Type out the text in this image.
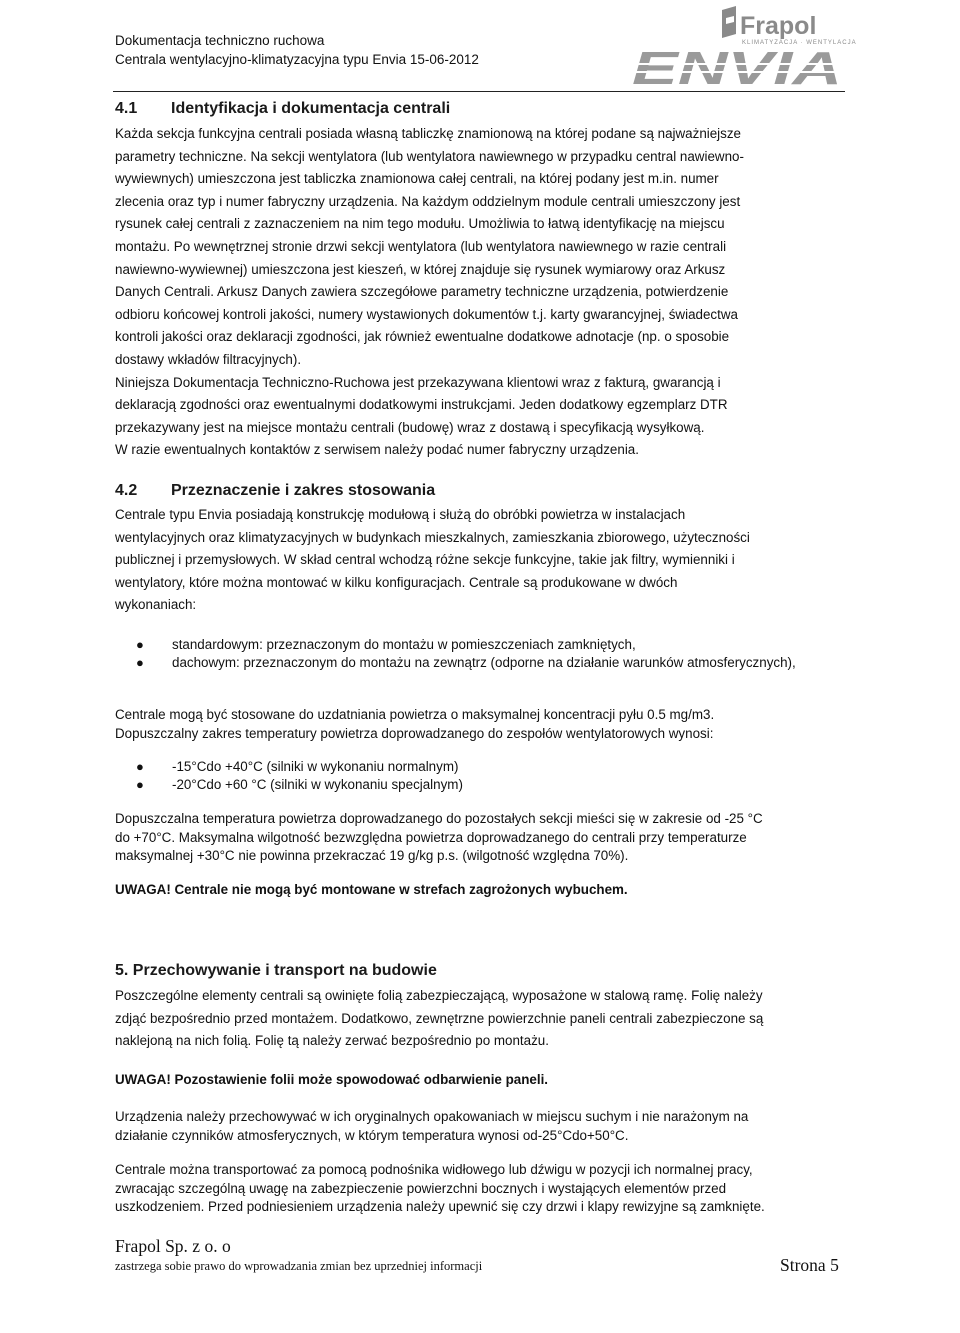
Dokumentacja techniczno ruchowa
Centrala wentylacyjno-klimatyzacyjna typu Envia 15-06-2012
Frapol
KLIMATYZACJA · WENTYLACJA
ENVIA
4.1 Identyfikacja i dokumentacja centrali
Każda sekcja funkcyjna centrali posiada własną tabliczkę znamionową na której podane są najważniejsze
parametry techniczne. Na sekcji wentylatora (lub wentylatora nawiewnego w przypadku central nawiewno-
wywiewnych) umieszczona jest tabliczka znamionowa całej centrali, na której podany jest m.in. numer
zlecenia oraz typ i numer fabryczny urządzenia. Na każdym oddzielnym module centrali umieszczony jest
rysunek całej centrali z zaznaczeniem na nim tego modułu. Umożliwia to łatwą identyfikację na miejscu
montażu. Po wewnętrznej stronie drzwi sekcji wentylatora (lub wentylatora nawiewnego w razie centrali
nawiewno-wywiewnej) umieszczona jest kieszeń, w której znajduje się rysunek wymiarowy oraz Arkusz
Danych Centrali. Arkusz Danych zawiera szczegółowe parametry techniczne urządzenia, potwierdzenie
odbioru końcowej kontroli jakości, numery wystawionych dokumentów t.j. karty gwarancyjnej, świadectwa
kontroli jakości oraz deklaracji zgodności, jak również ewentualne dodatkowe adnotacje (np. o sposobie
dostawy wkładów filtracyjnych).
Niniejsza Dokumentacja Techniczno-Ruchowa jest przekazywana klientowi wraz z fakturą, gwarancją i
deklaracją zgodności oraz ewentualnymi dodatkowymi instrukcjami. Jeden dodatkowy egzemplarz DTR
przekazywany jest na miejsce montażu centrali (budowę) wraz z dostawą i specyfikacją wysyłkową.
W razie ewentualnych kontaktów z serwisem należy podać numer fabryczny urządzenia.
4.2 Przeznaczenie i zakres stosowania
Centrale typu Envia posiadają konstrukcję modułową i służą do obróbki powietrza w instalacjach
wentylacyjnych oraz klimatyzacyjnych w budynkach mieszkalnych, zamieszkania zbiorowego, użyteczności
publicznej i przemysłowych. W skład central wchodzą różne sekcje funkcyjne, takie jak filtry, wymienniki i
wentylatory, które można montować w kilku konfiguracjach. Centrale są produkowane w dwóch
wykonaniach:
● standardowym: przeznaczonym do montażu w pomieszczeniach zamkniętych,
● dachowym: przeznaczonym do montażu na zewnątrz (odporne na działanie warunków atmosferycznych),
Centrale mogą być stosowane do uzdatniania powietrza o maksymalnej koncentracji pyłu 0.5 mg/m3.
Dopuszczalny zakres temperatury powietrza doprowadzanego do zespołów wentylatorowych wynosi:
● -15°Cdo +40°C (silniki w wykonaniu normalnym)
● -20°Cdo +60 °C (silniki w wykonaniu specjalnym)
Dopuszczalna temperatura powietrza doprowadzanego do pozostałych sekcji mieści się w zakresie od -25 °C
do +70°C. Maksymalna wilgotność bezwzględna powietrza doprowadzanego do centrali przy temperaturze
maksymalnej +30°C nie powinna przekraczać 19 g/kg p.s. (wilgotność względna 70%).
UWAGA! Centrale nie mogą być montowane w strefach zagrożonych wybuchem.
5. Przechowywanie i transport na budowie
Poszczególne elementy centrali są owinięte folią zabezpieczającą, wyposażone w stalową ramę. Folię należy
zdjąć bezpośrednio przed montażem. Dodatkowo, zewnętrzne powierzchnie paneli centrali zabezpieczone są
naklejoną na nich folią. Folię tą należy zerwać bezpośrednio po montażu.
UWAGA! Pozostawienie folii może spowodować odbarwienie paneli.
Urządzenia należy przechowywać w ich oryginalnych opakowaniach w miejscu suchym i nie narażonym na
działanie czynników atmosferycznych, w którym temperatura wynosi od-25°Cdo+50°C.
Centrale można transportować za pomocą podnośnika widłowego lub dźwigu w pozycji ich normalnej pracy,
zwracając szczególną uwagę na zabezpieczenie powierzchni bocznych i wystających elementów przed
uszkodzeniem. Przed podniesieniem urządzenia należy upewnić się czy drzwi i klapy rewizyjne są zamknięte.
Frapol Sp. z o. o
zastrzega sobie prawo do wprowadzania zmian bez uprzedniej informacji	Strona 5
